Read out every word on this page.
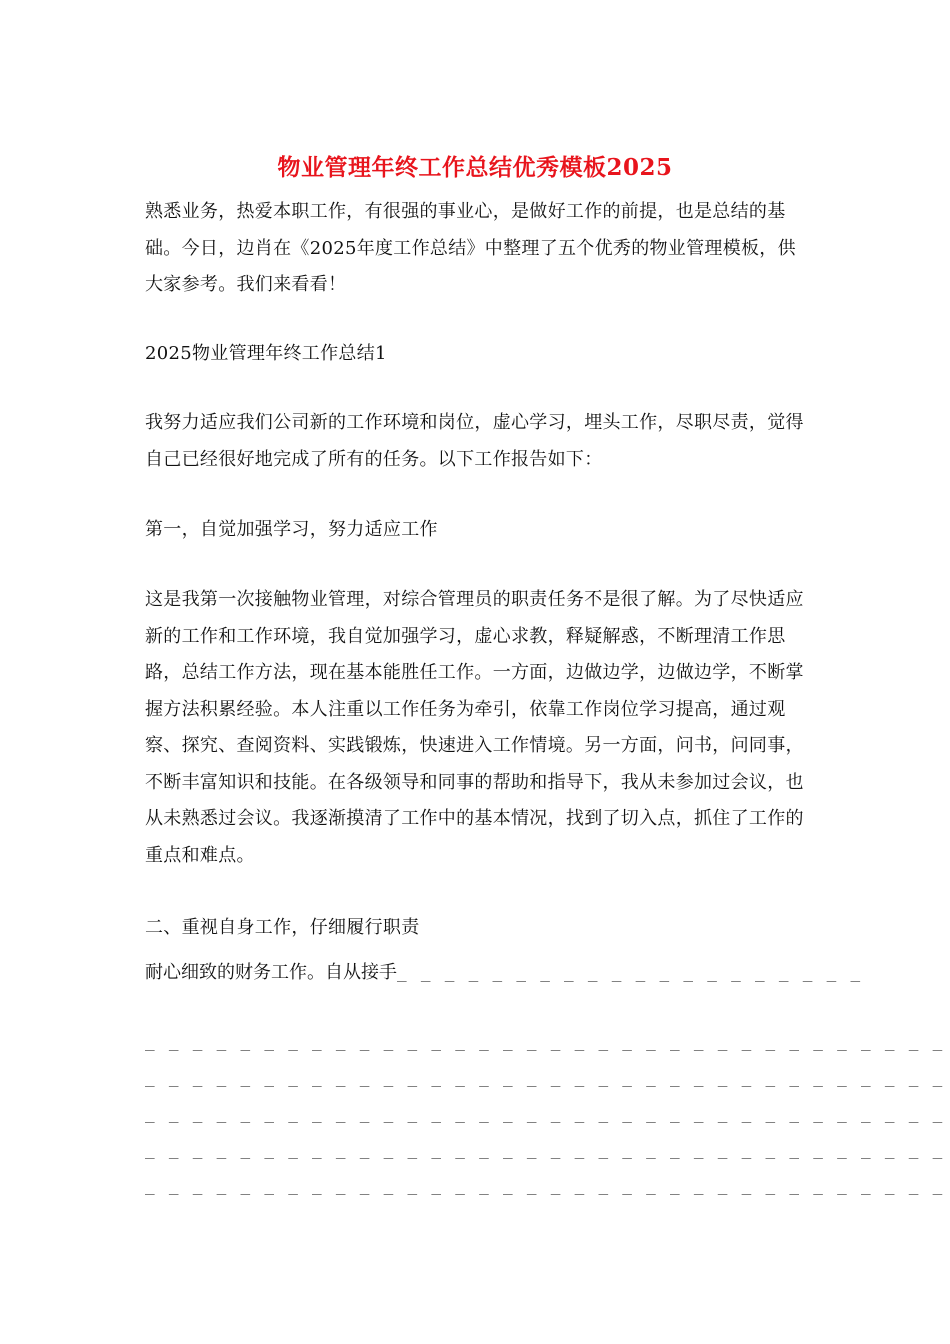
物业管理年终工作总结优秀模板2025

熟悉业务，热爱本职工作，有很强的事业心，是做好工作的前提，也是总结的基础。今日，边肖在《2025年度工作总结》中整理了五个优秀的物业管理模板，供大家参考。我们来看看！

2025物业管理年终工作总结1

我努力适应我们公司新的工作环境和岗位，虚心学习，埋头工作，尽职尽责，觉得自己已经很好地完成了所有的任务。以下工作报告如下：

第一，自觉加强学习，努力适应工作

这是我第一次接触物业管理，对综合管理员的职责任务不是很了解。为了尽快适应新的工作和工作环境，我自觉加强学习，虚心求教，释疑解惑，不断理清工作思路，总结工作方法，现在基本能胜任工作。一方面，边做边学，边做边学，不断掌握方法积累经验。本人注重以工作任务为牵引，依靠工作岗位学习提高，通过观察、探究、查阅资料、实践锻炼，快速进入工作情境。另一方面，问书，问同事，不断丰富知识和技能。在各级领导和同事的帮助和指导下，我从未参加过会议，也从未熟悉过会议。我逐渐摸清了工作中的基本情况，找到了切入点，抓住了工作的重点和难点。

二、重视自身工作，仔细履行职责

耐心细致的财务工作。自从接手_ _ _ _ _ _ _ _ _ _ _ _ _ _ _ _ _ _ _ _
_ _ _ _ _ _ _ _ _ _ _ _ _ _ _ _ _ _ _ _ _ _ _ _ _ _ _ _ _ _ _ _ _ _
_ _ _ _ _ _ _ _ _ _ _ _ _ _ _ _ _ _ _ _ _ _ _ _ _ _ _ _ _ _ _ _ _ _
_ _ _ _ _ _ _ _ _ _ _ _ _ _ _ _ _ _ _ _ _ _ _ _ _ _ _ _ _ _ _ _ _ _
_ _ _ _ _ _ _ _ _ _ _ _ _ _ _ _ _ _ _ _ _ _ _ _ _ _ _ _ _ _ _ _ _ _
_ _ _ _ _ _ _ _ _ _ _ _ _ _ _ _ _ _ _ _ _ _ _ _ _ _ _ _ _ _ _ _ _ _
